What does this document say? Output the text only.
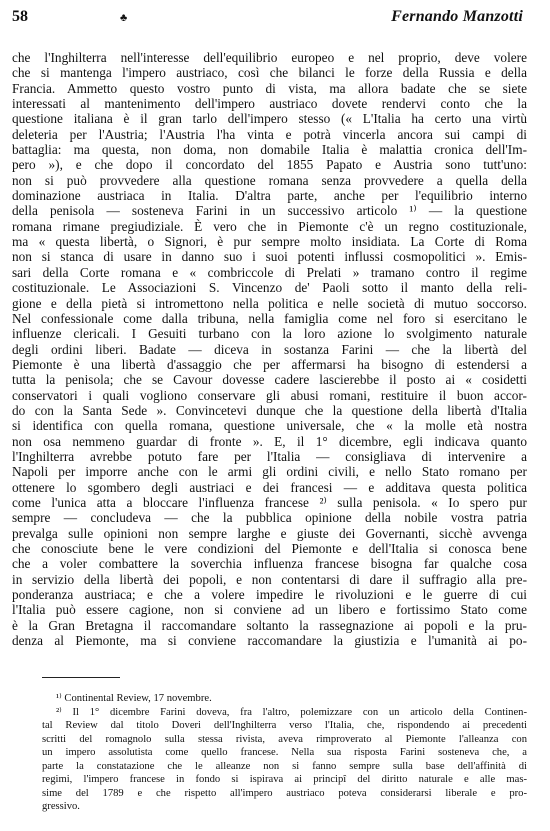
58	♣	Fernando Manzotti
che l'Inghilterra nell'interesse dell'equilibrio europeo e nel proprio, deve volere
che si mantenga l'impero austriaco, così che bilanci le forze della Russia e della
Francia. Ammetto questo vostro punto di vista, ma allora badate che se siete
interessati al mantenimento dell'impero austriaco dovete rendervi conto che la
questione italiana è il gran tarlo dell'impero stesso (« L'Italia ha certo una virtù
deleteria per l'Austria; l'Austria l'ha vinta e potrà vincerla ancora sui campi di
battaglia: ma questa, non doma, non domabile Italia è malattia cronica dell'Im-
pero »), e che dopo il concordato del 1855 Papato e Austria sono tutt'uno:
non si può provvedere alla questione romana senza provvedere a quella della
dominazione austriaca in Italia. D'altra parte, anche per l'equilibrio interno
della penisola — sosteneva Farini in un successivo articolo ¹⁾ — la questione
romana rimane pregiudiziale. È vero che in Piemonte c'è un regno costituzionale,
ma « questa libertà, o Signori, è pur sempre molto insidiata. La Corte di Roma
non si stanca di usare in danno suo i suoi potenti influssi cosmopolitici ». Emis-
sari della Corte romana e « combriccole di Prelati » tramano contro il regime
costituzionale. Le Associazioni S. Vincenzo de' Paoli sotto il manto della reli-
gione e della pietà si intromettono nella politica e nelle società di mutuo soccorso.
Nel confessionale come dalla tribuna, nella famiglia come nel foro si esercitano le
influenze clericali. I Gesuiti turbano con la loro azione lo svolgimento naturale
degli ordini liberi. Badate — diceva in sostanza Farini — che la libertà del
Piemonte è una libertà d'assaggio che per affermarsi ha bisogno di estendersi a
tutta la penisola; che se Cavour dovesse cadere lascierebbe il posto ai « cosidetti
conservatori i quali vogliono conservare gli abusi romani, restituire il buon accor-
do con la Santa Sede ». Convincetevi dunque che la questione della libertà d'Italia
si identifica con quella romana, questione universale, che « la molle età nostra
non osa nemmeno guardar di fronte ». E, il 1° dicembre, egli indicava quanto
l'Inghilterra avrebbe potuto fare per l'Italia — consigliava di intervenire a
Napoli per imporre anche con le armi gli ordini civili, e nello Stato romano per
ottenere lo sgombero degli austriaci e dei francesi — e additava questa politica
come l'unica atta a bloccare l'influenza francese ²⁾ sulla penisola. « Io spero pur
sempre — concludeva — che la pubblica opinione della nobile vostra patria
prevalga sulle opinioni non sempre larghe e giuste dei Governanti, sicchè avvenga
che conosciute bene le vere condizioni del Piemonte e dell'Italia si conosca bene
che a voler combattere la soverchia influenza francese bisogna far qualche cosa
in servizio della libertà dei popoli, e non contentarsi di dare il suffragio alla pre-
ponderanza austriaca; e che a volere impedire le rivoluzioni e le guerre di cui
l'Italia può essere cagione, non si conviene ad un libero e fortissimo Stato come
è la Gran Bretagna il raccomandare soltanto la rassegnazione ai popoli e la pru-
denza al Piemonte, ma si conviene raccomandare la giustizia e l'umanità ai po-
¹⁾ Continental Review, 17 novembre.
²⁾ Il 1° dicembre Farini doveva, fra l'altro, polemizzare con un articolo della Continen-
tal Review dal titolo Doveri dell'Inghilterra verso l'Italia, che, rispondendo ai precedenti
scritti del romagnolo sulla stessa rivista, aveva rimproverato al Piemonte l'alleanza con
un impero assolutista come quello francese. Nella sua risposta Farini sosteneva che, a
parte la constatazione che le alleanze non si fanno sempre sulla base dell'affinità di
regimi, l'impero francese in fondo si ispirava ai principî del diritto naturale e alle mas-
sime del 1789 e che rispetto all'impero austriaco poteva considerarsi liberale e pro-
gressivo.
